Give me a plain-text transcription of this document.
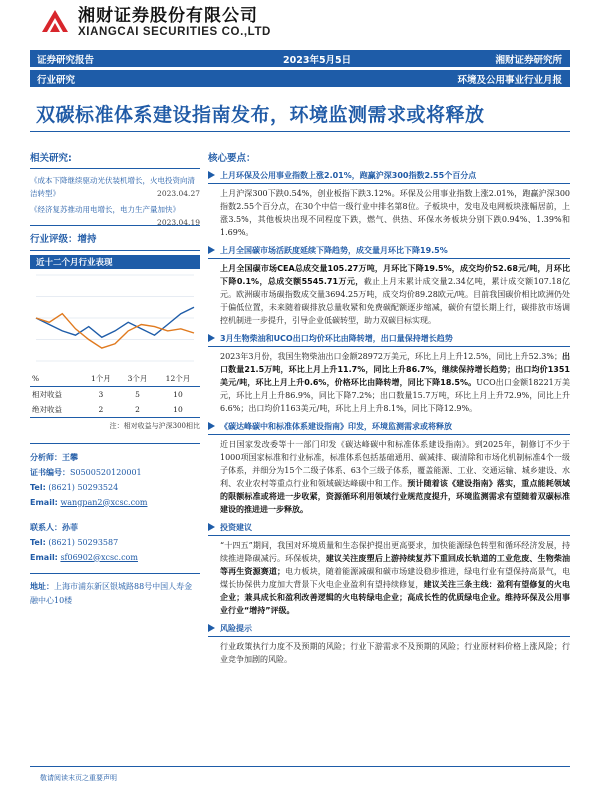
湘财证券股份有限公司
XIANGCAI SECURITIES CO.,LTD
证券研究报告	2023年5月5日	湘财证券研究所
行业研究	环境及公用事业行业月报
双碳标准体系建设指南发布，环境监测需求或将释放
相关研究:
《成本下降继续驱动光伏装机增长，火电投资向清洁转型》	2023.04.27
《经济复苏推动用电增长，电力生产量加快》
2023.04.19
行业评级：增持
近十二个月行业表现
%	1个月	3个月	12个月
相对收益	3	5	10
绝对收益	2	2	10
注：相对收益与沪深300相比
分析师：王攀
证书编号：S0500520120001
Tel: (8621) 50293524
Email: wangpan2@xcsc.com
联系人：孙菲
Tel: (8621) 50293587
Email: sf06902@xcsc.com
地址：上海市浦东新区银城路88号中国人寿金融中心10楼
核心要点：
上月环保及公用事业指数上涨2.01%，跑赢沪深300指数2.55个百分点
上月沪深300下跌0.54%，创业板指下跌3.12%。环保及公用事业指数上涨2.01%，跑赢沪深300指数2.55个百分点，在30个中信一级行业中排名第8位。子板块中，发电及电网板块涨幅居前，上涨3.5%，其他板块出现不同程度下跌，燃气、供热、环保水务板块分别下跌0.94%、1.39%和1.69%。
上月全国碳市场活跃度延续下降趋势，成交量月环比下降19.5%
上月全国碳市场CEA总成交量105.27万吨，月环比下降19.5%，成交均价52.68元/吨，月环比下降0.1%，总成交额5545.71万元，截止上月末累计成交量2.34亿吨，累计成交额107.18亿元。欧洲碳市场碳指数成交量3694.25万吨，成交均价89.28欧元/吨。目前我国碳价相比欧洲仍处于偏低位置，未来随着碳排放总量收紧和免费碳配额逐步缩减，碳价有望长期上行，碳排放市场调控机制进一步提升，引导企业低碳转型，助力双碳目标实现。
3月生物柴油和UCO出口均价环比由降转增，出口量保持增长趋势
2023年3月份，我国生物柴油出口金额28972万美元，环比上月上升12.5%，同比上升52.3%；出口数量21.5万吨，环比上月上升11.7%，同比上升86.7%，继续保持增长趋势；出口均价1351美元/吨，环比上月上升0.6%，价格环比由降转增，同比下降18.5%。UCO出口金额18221万美元，环比上月上升86.9%，同比下降7.2%；出口数量15.7万吨，环比上月上升72.9%，同比上升6.6%；出口均价1163美元/吨，环比上月上升8.1%，同比下降12.9%。
《碳达峰碳中和标准体系建设指南》印发，环境监测需求或将释放
近日国家发改委等十一部门印发《碳达峰碳中和标准体系建设指南》。到2025年，制修订不少于1000项国家标准和行业标准，标准体系包括基础通用、碳减排、碳清除和市场化机制标准4个一级子体系，并细分为15个二级子体系、63个三级子体系，覆盖能源、工业、交通运输、城乡建设、水利、农业农村等重点行业和领域碳达峰碳中和工作。预计随着该《建设指南》落实，重点能耗领域的限额标准或将进一步收紧，资源循环利用领域行业规范度提升，环境监测需求有望随着双碳标准建设的推进进一步释放。
投资建议
“十四五”期间，我国对环境质量和生态保护提出更高要求，加快能源绿色转型和循环经济发展，持续推进降碳减污。环保板块，建议关注废塑后上游持续复苏下重回成长轨道的工业危废、生物柴油等再生资源赛道；电力板块，随着能源减碳和碳市场建设稳步推进，绿电行业有望保持高景气，电煤长协保供力度加大背景下火电企业盈利有望持续修复，建议关注三条主线：盈利有望修复的火电企业；兼具成长和盈利改善逻辑的火电转绿电企业；高成长性的优质绿电企业。维持环保及公用事业行业“增持”评级。
风险提示
行业政策执行力度不及预期的风险；行业下游需求不及预期的风险；行业原材料价格上涨风险；行业竞争加剧的风险。
敬请阅读末页之重要声明
